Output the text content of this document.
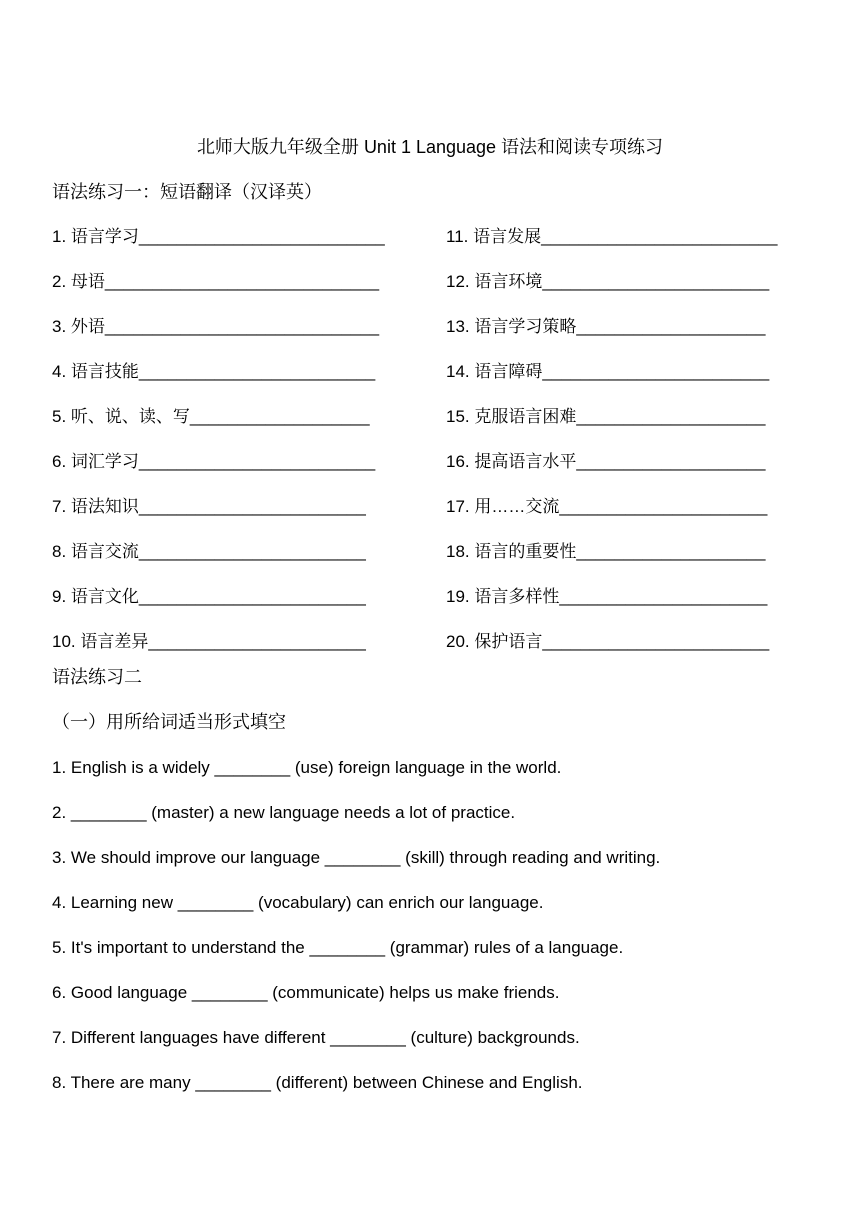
北师大版九年级全册 Unit 1 Language 语法和阅读专项练习
语法练习一：短语翻译（汉译英）
1. 语言学习__________________________
2. 母语_____________________________
3. 外语_____________________________
4. 语言技能_________________________
5. 听、说、读、写___________________
6. 词汇学习_________________________
7. 语法知识________________________
8. 语言交流________________________
9. 语言文化________________________
10. 语言差异_______________________
11. 语言发展_________________________
12. 语言环境________________________
13. 语言学习策略____________________
14. 语言障碍________________________
15. 克服语言困难____________________
16. 提高语言水平____________________
17. 用……交流______________________
18. 语言的重要性____________________
19. 语言多样性______________________
20. 保护语言________________________
语法练习二
（一）用所给词适当形式填空
1. English is a widely ________ (use) foreign language in the world.
2. ________ (master) a new language needs a lot of practice.
3. We should improve our language ________ (skill) through reading and writing.
4. Learning new ________ (vocabulary) can enrich our language.
5. It's important to understand the ________ (grammar) rules of a language.
6. Good language ________ (communicate) helps us make friends.
7. Different languages have different ________ (culture) backgrounds.
8. There are many ________ (different) between Chinese and English.
